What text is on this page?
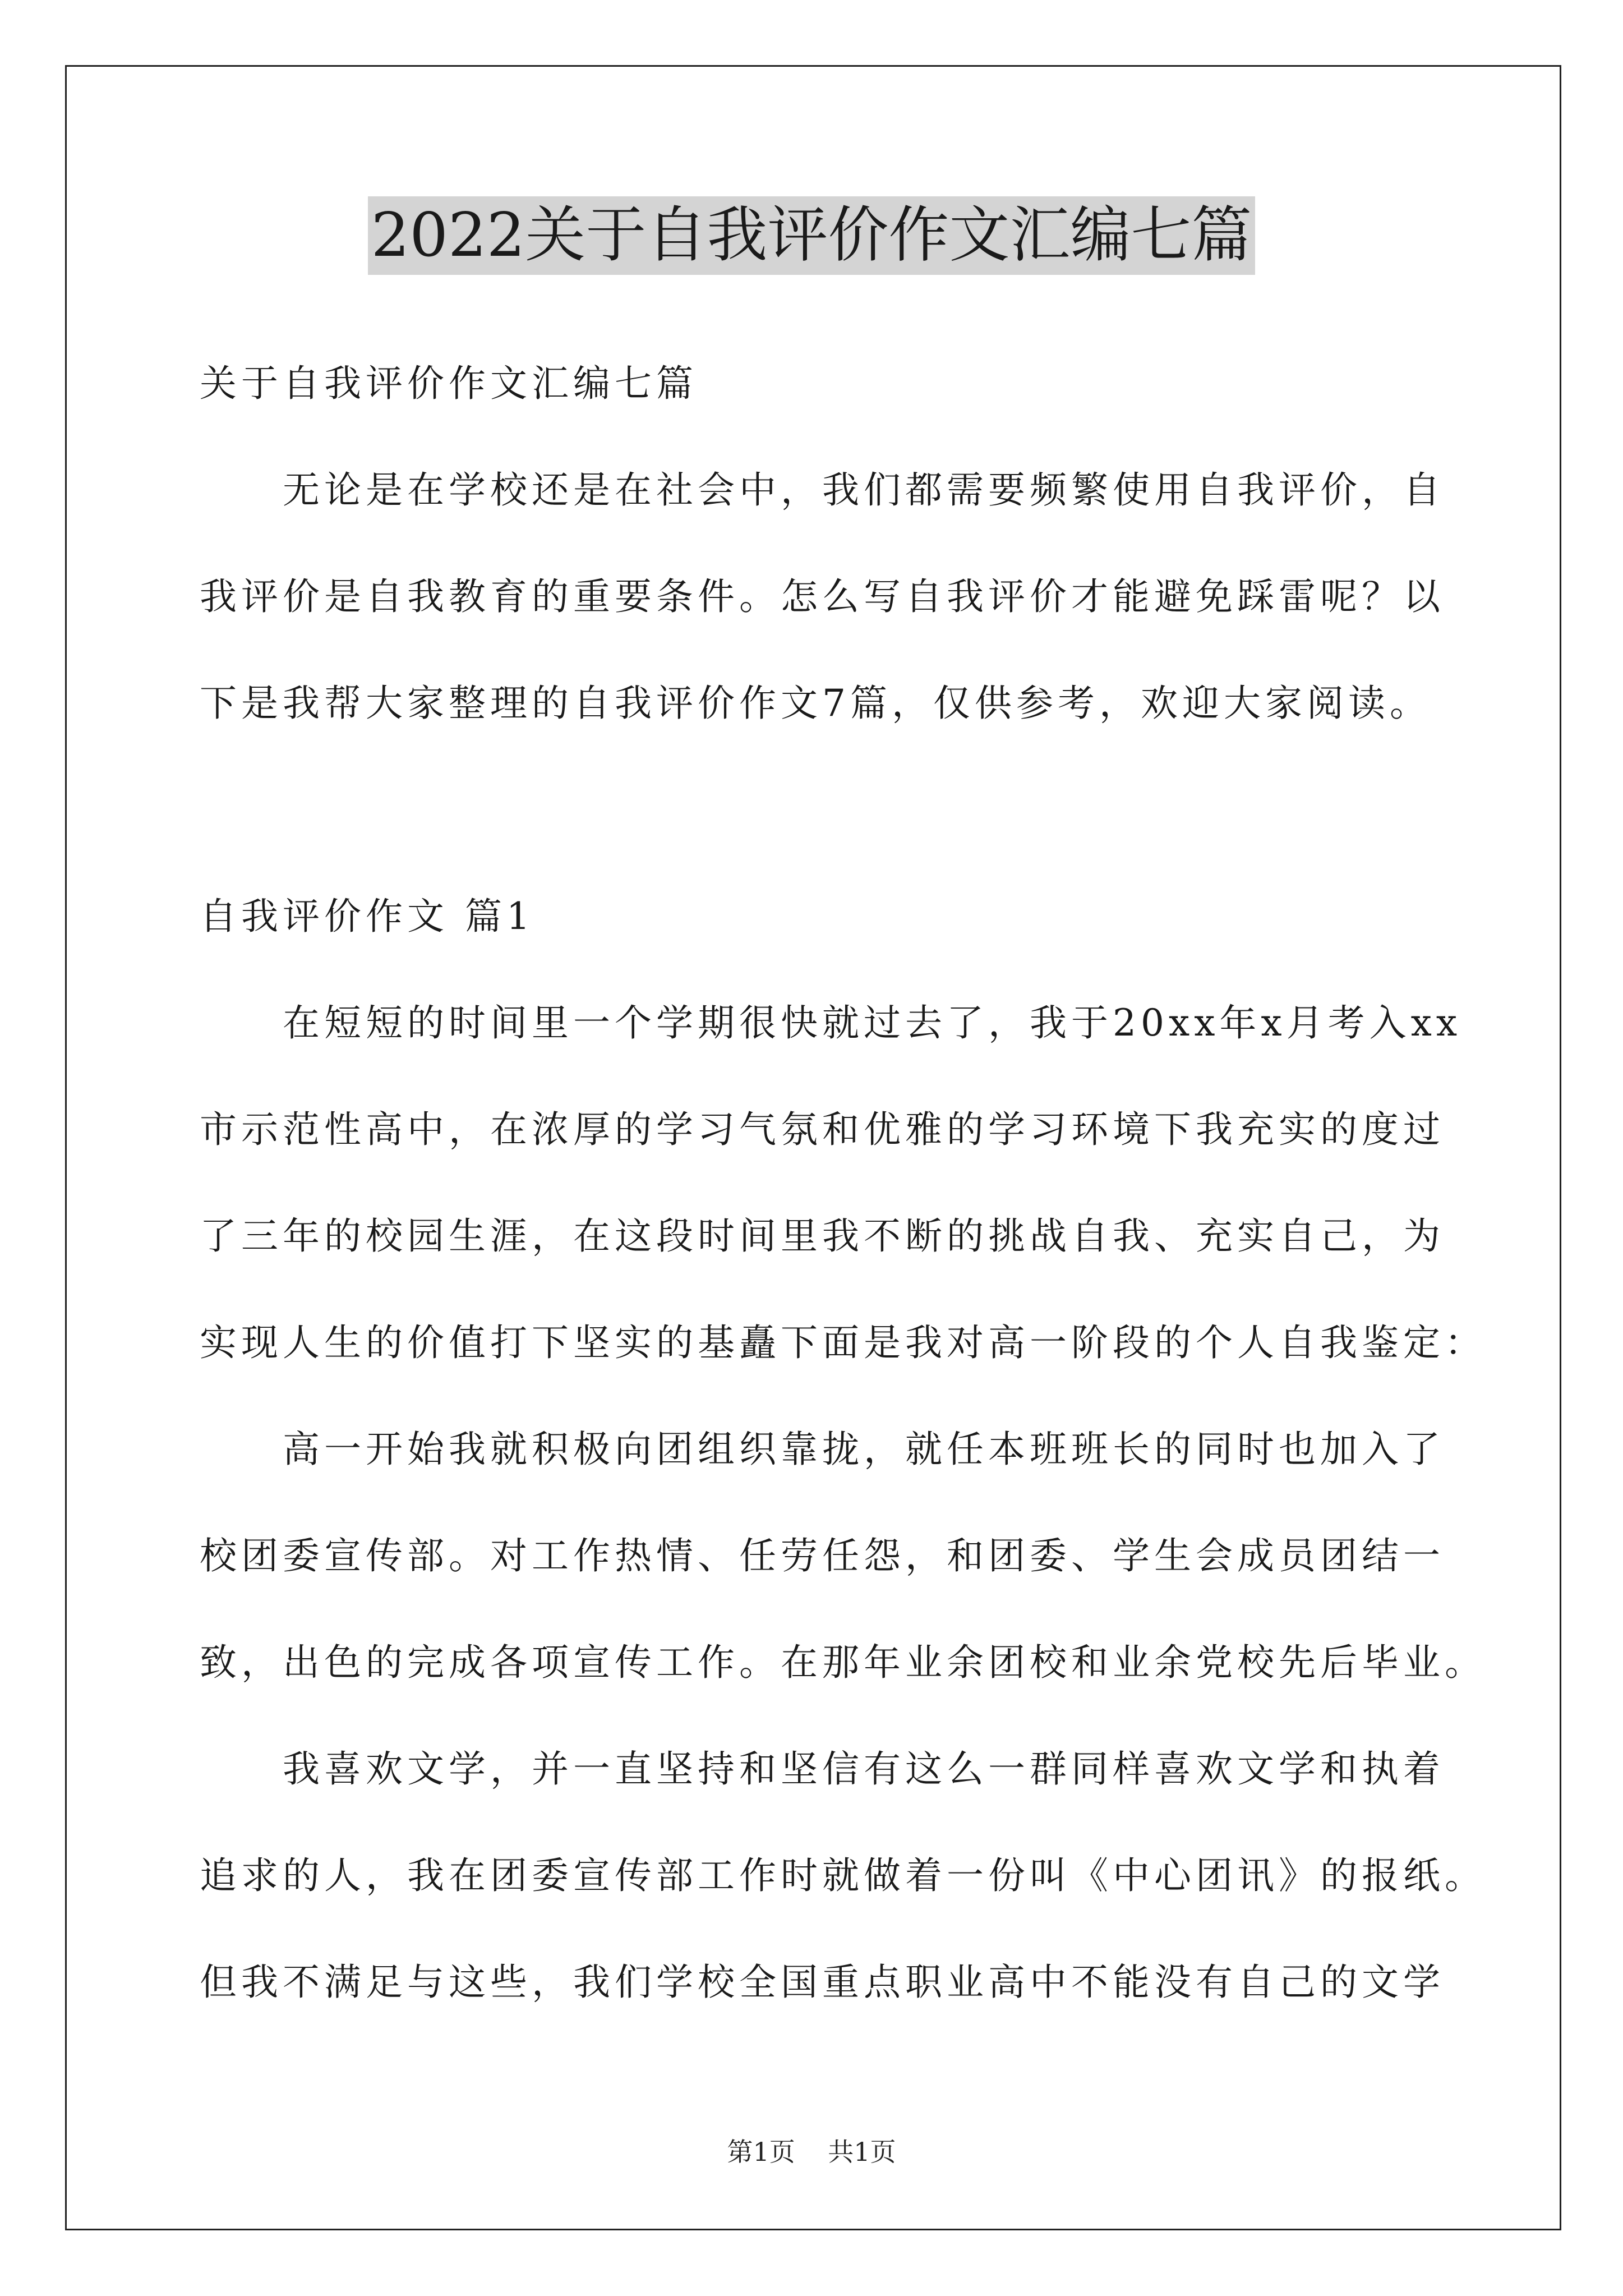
2022关于自我评价作文汇编七篇
关于自我评价作文汇编七篇
　　无论是在学校还是在社会中，我们都需要频繁使用自我评价，自
我评价是自我教育的重要条件。怎么写自我评价才能避免踩雷呢？以
下是我帮大家整理的自我评价作文7篇，仅供参考，欢迎大家阅读。
自我评价作文 篇1
　　在短短的时间里一个学期很快就过去了，我于20xx年x月考入xx
市示范性高中，在浓厚的学习气氛和优雅的学习环境下我充实的度过
了三年的校园生涯，在这段时间里我不断的挑战自我、充实自己，为
实现人生的价值打下坚实的基矗下面是我对高一阶段的个人自我鉴定：
　　高一开始我就积极向团组织靠拢，就任本班班长的同时也加入了
校团委宣传部。对工作热情、任劳任怨，和团委、学生会成员团结一
致，出色的完成各项宣传工作。在那年业余团校和业余党校先后毕业。
　　我喜欢文学，并一直坚持和坚信有这么一群同样喜欢文学和执着
追求的人，我在团委宣传部工作时就做着一份叫《中心团讯》的报纸。
但我不满足与这些，我们学校全国重点职业高中不能没有自己的文学
第1页 共1页
